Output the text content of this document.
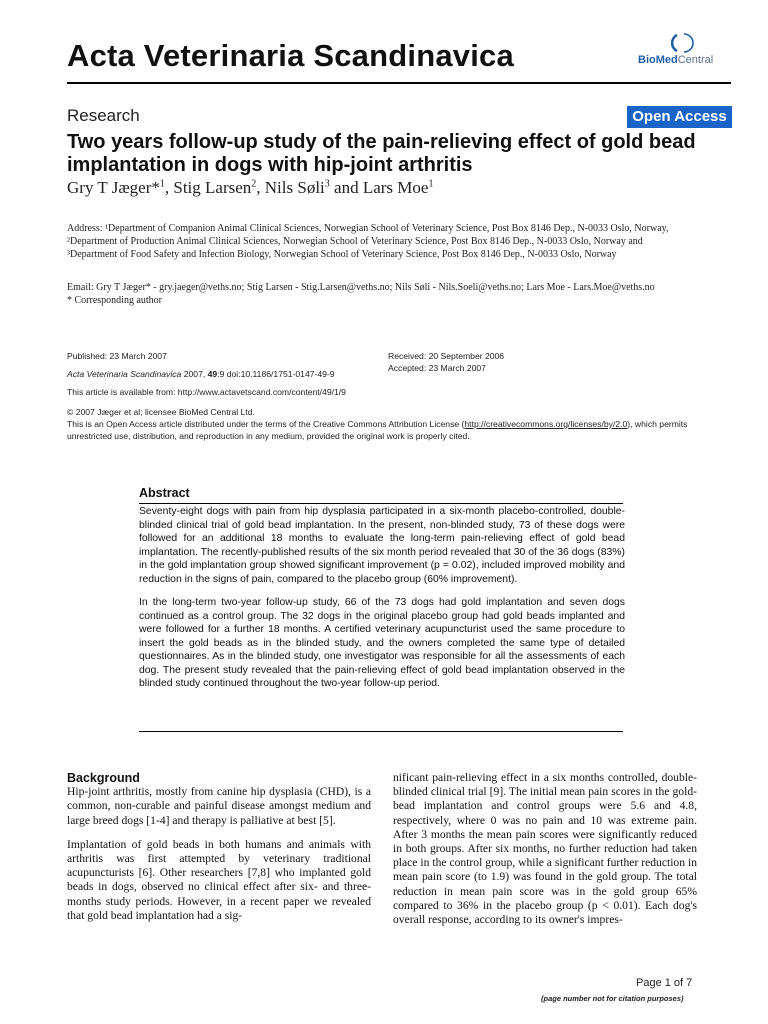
Acta Veterinaria Scandinavica	BioMedCentral
Research	Open Access
Two years follow-up study of the pain-relieving effect of gold bead implantation in dogs with hip-joint arthritis
Gry T Jæger*$^1$, Stig Larsen$^2$, Nils Søli$^3$ and Lars Moe$^1$
Address: ¹Department of Companion Animal Clinical Sciences, Norwegian School of Veterinary Science, Post Box 8146 Dep., N-0033 Oslo, Norway, ²Department of Production Animal Clinical Sciences, Norwegian School of Veterinary Science, Post Box 8146 Dep., N-0033 Oslo, Norway and ³Department of Food Safety and Infection Biology, Norwegian School of Veterinary Science, Post Box 8146 Dep., N-0033 Oslo, Norway
Email: Gry T Jæger* - gry.jaeger@veths.no; Stig Larsen - Stig.Larsen@veths.no; Nils Søli - Nils.Soeli@veths.no; Lars Moe - Lars.Moe@veths.no
* Corresponding author
Published: 23 March 2007
Acta Veterinaria Scandinavica 2007, 49:9 doi:10.1186/1751-0147-49-9
This article is available from: http://www.actavetscand.com/content/49/1/9
Received: 20 September 2006
Accepted: 23 March 2007
© 2007 Jæger et al; licensee BioMed Central Ltd.
This is an Open Access article distributed under the terms of the Creative Commons Attribution License (http://creativecommons.org/licenses/by/2.0), which permits unrestricted use, distribution, and reproduction in any medium, provided the original work is properly cited.
Abstract

Seventy-eight dogs with pain from hip dysplasia participated in a six-month placebo-controlled, double-blinded clinical trial of gold bead implantation. In the present, non-blinded study, 73 of these dogs were followed for an additional 18 months to evaluate the long-term pain-relieving effect of gold bead implantation. The recently-published results of the six month period revealed that 30 of the 36 dogs (83%) in the gold implantation group showed significant improvement (p = 0.02), included improved mobility and reduction in the signs of pain, compared to the placebo group (60% improvement).

In the long-term two-year follow-up study, 66 of the 73 dogs had gold implantation and seven dogs continued as a control group. The 32 dogs in the original placebo group had gold beads implanted and were followed for a further 18 months. A certified veterinary acupuncturist used the same procedure to insert the gold beads as in the blinded study, and the owners completed the same type of detailed questionnaires. As in the blinded study, one investigator was responsible for all the assessments of each dog. The present study revealed that the pain-relieving effect of gold bead implantation observed in the blinded study continued throughout the two-year follow-up period.

Background

Hip-joint arthritis, mostly from canine hip dysplasia (CHD), is a common, non-curable and painful disease amongst medium and large breed dogs [1-4] and therapy is palliative at best [5].

Implantation of gold beads in both humans and animals with arthritis was first attempted by veterinary traditional acupuncturists [6]. Other researchers [7,8] who implanted gold beads in dogs, observed no clinical effect after six- and three-months study periods. However, in a recent paper we revealed that gold bead implantation had a sig-

nificant pain-relieving effect in a six months controlled, double-blinded clinical trial [9]. The initial mean pain scores in the gold-bead implantation and control groups were 5.6 and 4.8, respectively, where 0 was no pain and 10 was extreme pain. After 3 months the mean pain scores were significantly reduced in both groups. After six months, no further reduction had taken place in the control group, while a significant further reduction in mean pain score (to 1.9) was found in the gold group. The total reduction in mean pain score was in the gold group 65% compared to 36% in the placebo group (p < 0.01). Each dog's overall response, according to its owner's impres-

Page 1 of 7
(page number not for citation purposes)
